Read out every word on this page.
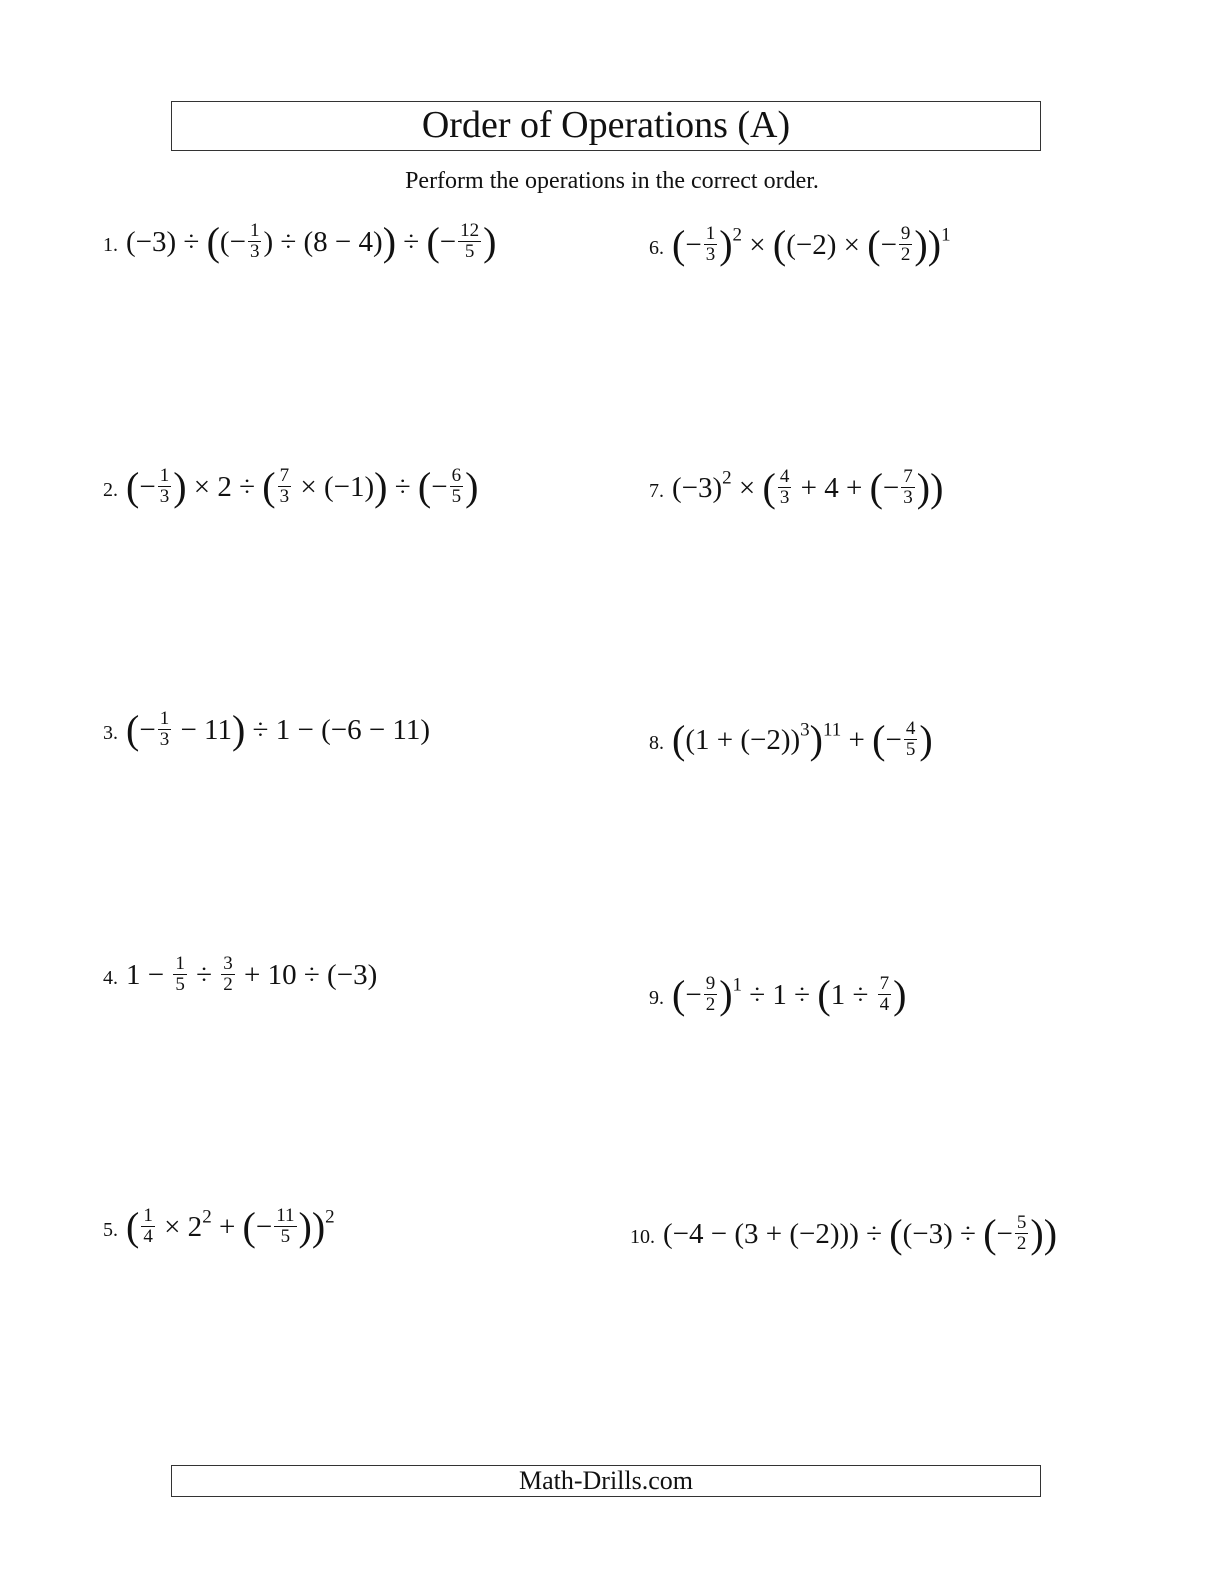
Order of Operations (A)
Perform the operations in the correct order.
1. (−3) ÷ ((− $\frac{1}{3}$ ) ÷ (8 − 4)) ÷ (− $\frac{12}{5}$ )
2. (− $\frac{1}{3}$ ) × 2 ÷ ( $\frac{7}{3} \times (-1)$) ÷ (− $\frac{6}{5}$ )
3. (− $\frac{1}{3} - 11) \div 1 - (-6 - 11)$
4. $1 - \frac{1}{5} \div \frac{3}{2} + 10 \div (-3)$
5. ( $\frac{1}{4} \times 2^2$ + (− $\frac{11}{5} ))^2$
6. (− $\frac{1}{3} )^2 \times ((-2)$ × (− $\frac{9}{2} ))^1$
7. $(-3)^2$ × ( $\frac{4}{3} + 4$ + (− $\frac{7}{3}$ ))
8. $((1 + (-2))^3)^{11}$ + (− $\frac{4}{5}$ )
9. (− $\frac{9}{2} )^1 \div 1 \div (1 \div \frac{7}{4}$ )
10. (−4 − (3 + (−2))) ÷ ((−3) ÷ (− $\frac{5}{2}$ ))
Math-Drills.com
